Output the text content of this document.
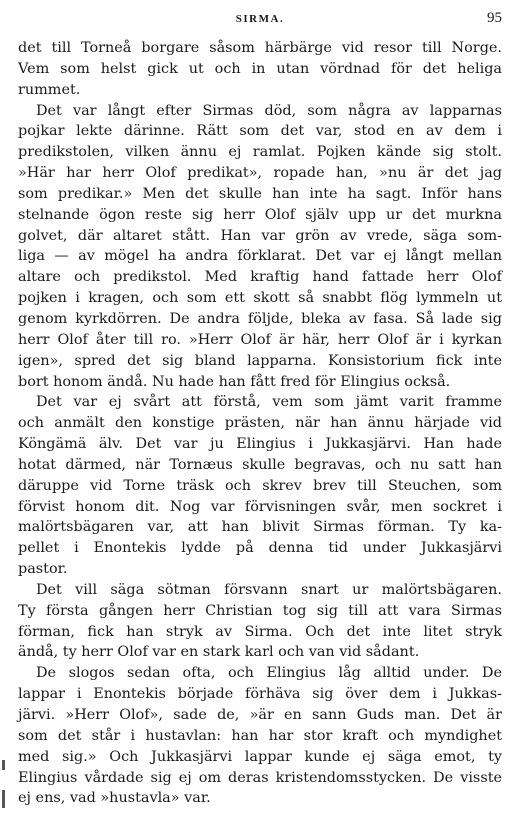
SIRMA.	95
det till Torneå borgare såsom härbärge vid resor till Norge.
Vem som helst gick ut och in utan vördnad för det heliga
rummet.
Det var långt efter Sirmas död, som några av lapparnas
pojkar lekte därinne. Rätt som det var, stod en av dem i
predikstolen, vilken ännu ej ramlat. Pojken kände sig stolt.
»Här har herr Olof predikat», ropade han, »nu är det jag
som predikar.» Men det skulle han inte ha sagt. Inför hans
stelnande ögon reste sig herr Olof själv upp ur det murkna
golvet, där altaret stått. Han var grön av vrede, säga som-
liga — av mögel ha andra förklarat. Det var ej långt mellan
altare och predikstol. Med kraftig hand fattade herr Olof
pojken i kragen, och som ett skott så snabbt flög lymmeln ut
genom kyrkdörren. De andra följde, bleka av fasa. Så lade sig
herr Olof åter till ro. »Herr Olof är här, herr Olof är i kyrkan
igen», spred det sig bland lapparna. Konsistorium fick inte
bort honom ändå. Nu hade han fått fred för Elingius också.
Det var ej svårt att förstå, vem som jämt varit framme
och anmält den konstige prästen, när han ännu härjade vid
Köngämä älv. Det var ju Elingius i Jukkasjärvi. Han hade
hotat därmed, när Tornæus skulle begravas, och nu satt han
däruppe vid Torne träsk och skrev brev till Steuchen, som
förvist honom dit. Nog var förvisningen svår, men sockret i
malörtsbägaren var, att han blivit Sirmas förman. Ty ka-
pellet i Enontekis lydde på denna tid under Jukkasjärvi
pastor.
Det vill säga sötman försvann snart ur malörtsbägaren.
Ty första gången herr Christian tog sig till att vara Sirmas
förman, fick han stryk av Sirma. Och det inte litet stryk
ändå, ty herr Olof var en stark karl och van vid sådant.
De slogos sedan ofta, och Elingius låg alltid under. De
lappar i Enontekis började förhäva sig över dem i Jukkas-
järvi. »Herr Olof», sade de, »är en sann Guds man. Det är
som det står i hustavlan: han har stor kraft och myndighet
med sig.» Och Jukkasjärvi lappar kunde ej säga emot, ty
Elingius vårdade sig ej om deras kristendomsstycken. De visste
ej ens, vad »hustavla» var.
